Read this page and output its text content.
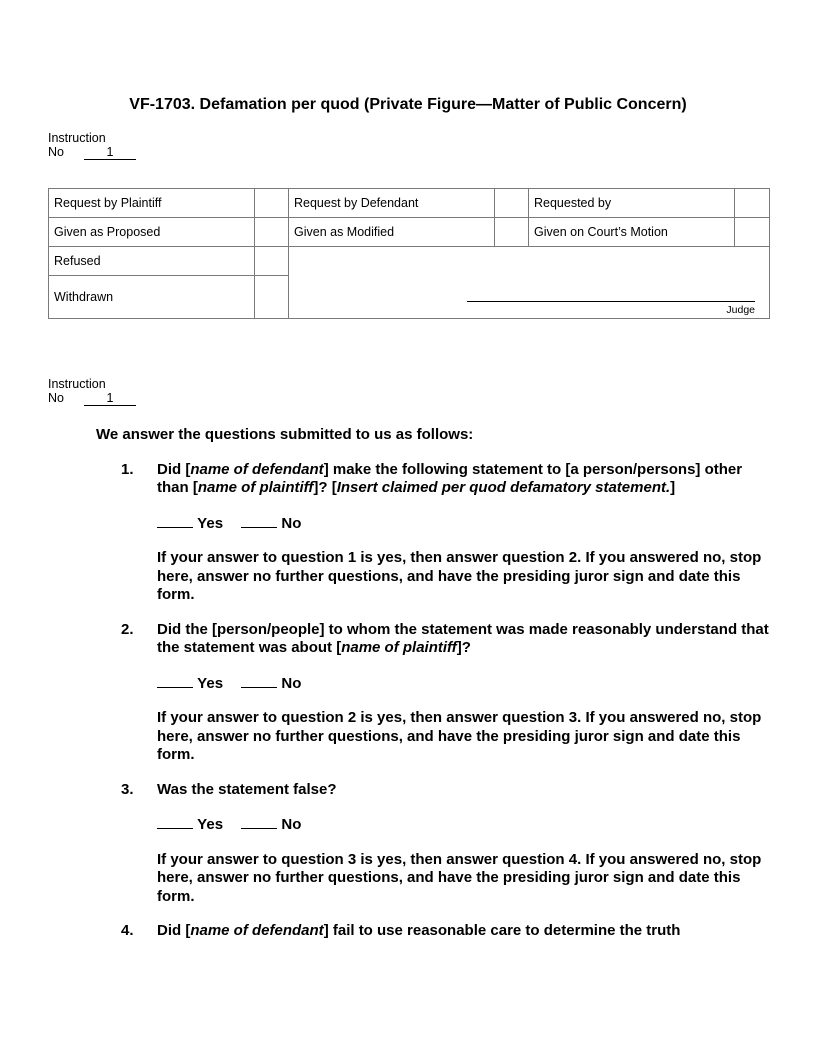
VF-1703. Defamation per quod (Private Figure—Matter of Public Concern)
Instruction
No	1
Request by Plaintiff		Request by Defendant		Requested by	
Given as Proposed		Given as Modified		Given on Court’s Motion	
Refused		Judge			

Withdrawn					
Instruction
No	1

We answer the questions submitted to us as follows:

1. Did [name of defendant] make the following statement to [a person/persons] other than [name of plaintiff]? [Insert claimed per quod defamatory statement.]

Yes	No

If your answer to question 1 is yes, then answer question 2. If you answered no, stop here, answer no further questions, and have the presiding juror sign and date this form.

2. Did the [person/people] to whom the statement was made reasonably understand that the statement was about [name of plaintiff]?

Yes	No

If your answer to question 2 is yes, then answer question 3. If you answered no, stop here, answer no further questions, and have the presiding juror sign and date this form.

3. Was the statement false?

Yes	No

If your answer to question 3 is yes, then answer question 4. If you answered no, stop here, answer no further questions, and have the presiding juror sign and date this form.

4. Did [name of defendant] fail to use reasonable care to determine the truth
